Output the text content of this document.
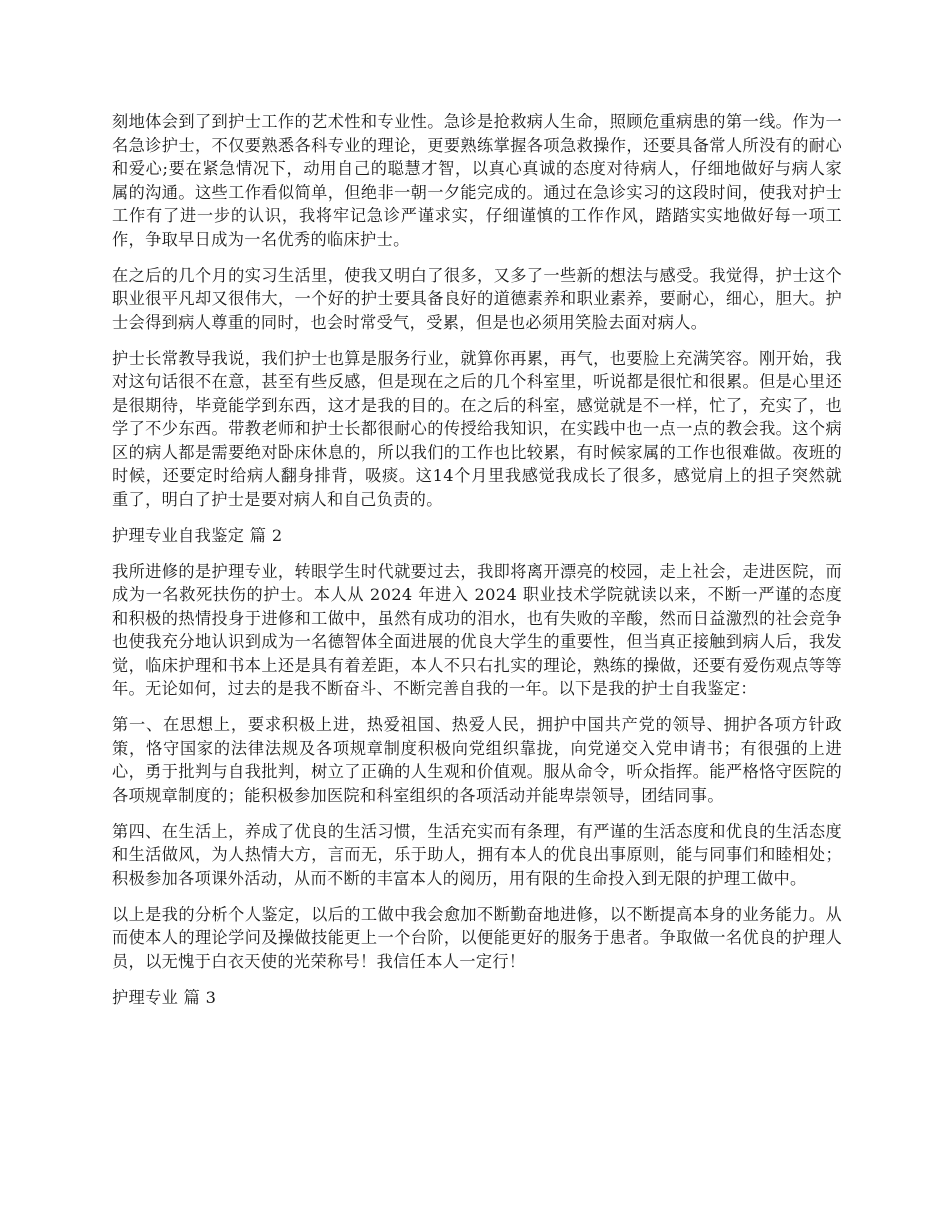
刻地体会到了到护士工作的艺术性和专业性。急诊是抢救病人生命，照顾危重病患的第一线。作为一名急诊护士，不仅要熟悉各科专业的理论，更要熟练掌握各项急救操作，还要具备常人所没有的耐心和爱心;要在紧急情况下，动用自己的聪慧才智，以真心真诚的态度对待病人，仔细地做好与病人家属的沟通。这些工作看似简单，但绝非一朝一夕能完成的。通过在急诊实习的这段时间，使我对护士工作有了进一步的认识，我将牢记急诊严谨求实，仔细谨慎的工作作风，踏踏实实地做好每一项工作，争取早日成为一名优秀的临床护士。

在之后的几个月的实习生活里，使我又明白了很多，又多了一些新的想法与感受。我觉得，护士这个职业很平凡却又很伟大，一个好的护士要具备良好的道德素养和职业素养，要耐心，细心，胆大。护士会得到病人尊重的同时，也会时常受气，受累，但是也必须用笑脸去面对病人。

护士长常教导我说，我们护士也算是服务行业，就算你再累，再气，也要脸上充满笑容。刚开始，我对这句话很不在意，甚至有些反感，但是现在之后的几个科室里，听说都是很忙和很累。但是心里还是很期待，毕竟能学到东西，这才是我的目的。在之后的科室，感觉就是不一样，忙了，充实了，也学了不少东西。带教老师和护士长都很耐心的传授给我知识，在实践中也一点一点的教会我。这个病区的病人都是需要绝对卧床休息的，所以我们的工作也比较累，有时候家属的工作也很难做。夜班的时候，还要定时给病人翻身排背，吸痰。这14个月里我感觉我成长了很多，感觉肩上的担子突然就重了，明白了护士是要对病人和自己负责的。

护理专业自我鉴定 篇 2

我所进修的是护理专业，转眼学生时代就要过去，我即将离开漂亮的校园，走上社会，走进医院，而成为一名救死扶伤的护士。本人从 2024 年进入 2024 职业技术学院就读以来，不断一严谨的态度和积极的热情投身于进修和工做中，虽然有成功的泪水，也有失败的辛酸，然而日益激烈的社会竞争也使我充分地认识到成为一名德智体全面进展的优良大学生的重要性，但当真正接触到病人后，我发觉，临床护理和书本上还是具有着差距，本人不只右扎实的理论，熟练的操做，还要有爱伤观点等等年。无论如何，过去的是我不断奋斗、不断完善自我的一年。以下是我的护士自我鉴定：

第一、在思想上，要求积极上进，热爱祖国、热爱人民，拥护中国共产党的领导、拥护各项方针政策，恪守国家的法律法规及各项规章制度积极向党组织靠拢，向党递交入党申请书；有很强的上进心，勇于批判与自我批判，树立了正确的人生观和价值观。服从命令，听众指挥。能严格恪守医院的各项规章制度的；能积极参加医院和科室组织的各项活动并能卑崇领导，团结同事。

第四、在生活上，养成了优良的生活习惯，生活充实而有条理，有严谨的生活态度和优良的生活态度和生活做风，为人热情大方，言而无，乐于助人，拥有本人的优良出事原则，能与同事们和睦相处；积极参加各项课外活动，从而不断的丰富本人的阅历，用有限的生命投入到无限的护理工做中。

以上是我的分析个人鉴定，以后的工做中我会愈加不断勤奋地进修，以不断提高本身的业务能力。从而使本人的理论学问及操做技能更上一个台阶，以便能更好的服务于患者。争取做一名优良的护理人员，以无愧于白衣天使的光荣称号！我信任本人一定行！

护理专业 篇 3
